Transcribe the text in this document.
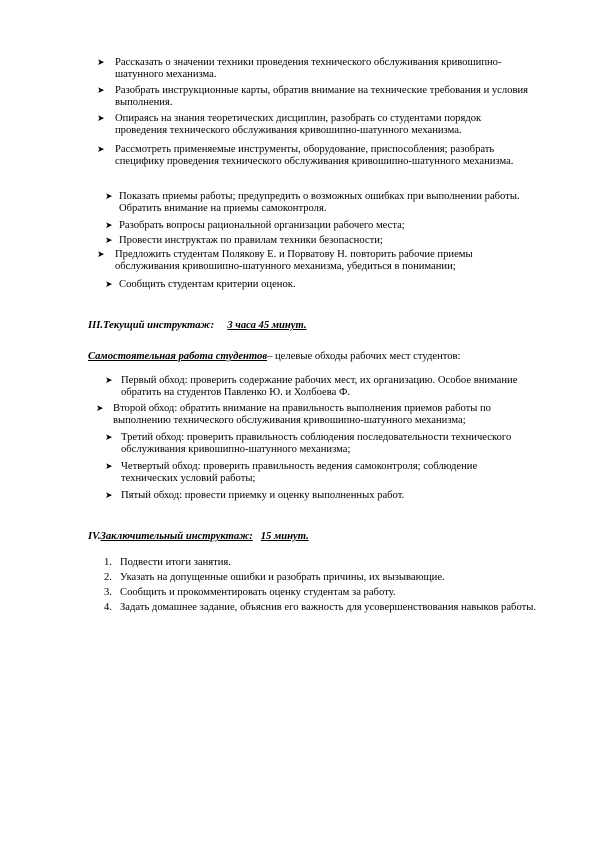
➤ Рассказать о значении техники проведения технического обслуживания кривошипно-шатунного механизма.
➤ Разобрать инструкционные карты, обратив внимание на технические требования и условия выполнения.
➤ Опираясь на знания теоретических дисциплин, разобрать со студентами порядок проведения технического обслуживания кривошипно-шатунного механизма.
➤ Рассмотреть применяемые инструменты, оборудование, приспособления; разобрать специфику проведения технического обслуживания кривошипно-шатунного механизма.
➤ Показать приемы работы; предупредить о возможных ошибках при выполнении работы. Обратить внимание на приемы самоконтроля.
➤ Разобрать вопросы рациональной организации рабочего места;
➤ Провести инструктаж по правилам техники безопасности;
➤ Предложить студентам Полякову Е. и Порватову Н. повторить рабочие приемы обслуживания кривошипно-шатунного механизма, убедиться в понимании;
➤ Сообщить студентам критерии оценок.
III.Текущий инструктаж: 3 часа 45 минут.
Самостоятельная работа студентов– целевые обходы рабочих мест студентов:
➤ Первый обход: проверить содержание рабочих мест, их организацию. Особое внимание обратить на студентов Павленко Ю. и Холбоева Ф.
➤ Второй обход: обратить внимание на правильность выполнения приемов работы по выполнению технического обслуживания кривошипно-шатунного механизма;
➤ Третий обход: проверить правильность соблюдения последовательности технического обслуживания кривошипно-шатунного механизма;
➤ Четвертый обход: проверить правильность ведения самоконтроля; соблюдение технических условий работы;
➤ Пятый обход: провести приемку и оценку выполненных работ.
IV.Заключительный инструктаж: 15 минут.
1. Подвести итоги занятия.
2. Указать на допущенные ошибки и разобрать причины, их вызывающие.
3. Сообщить и прокомментировать оценку студентам за работу.
4. Задать домашнее задание, объяснив его важность для усовершенствования навыков работы.
